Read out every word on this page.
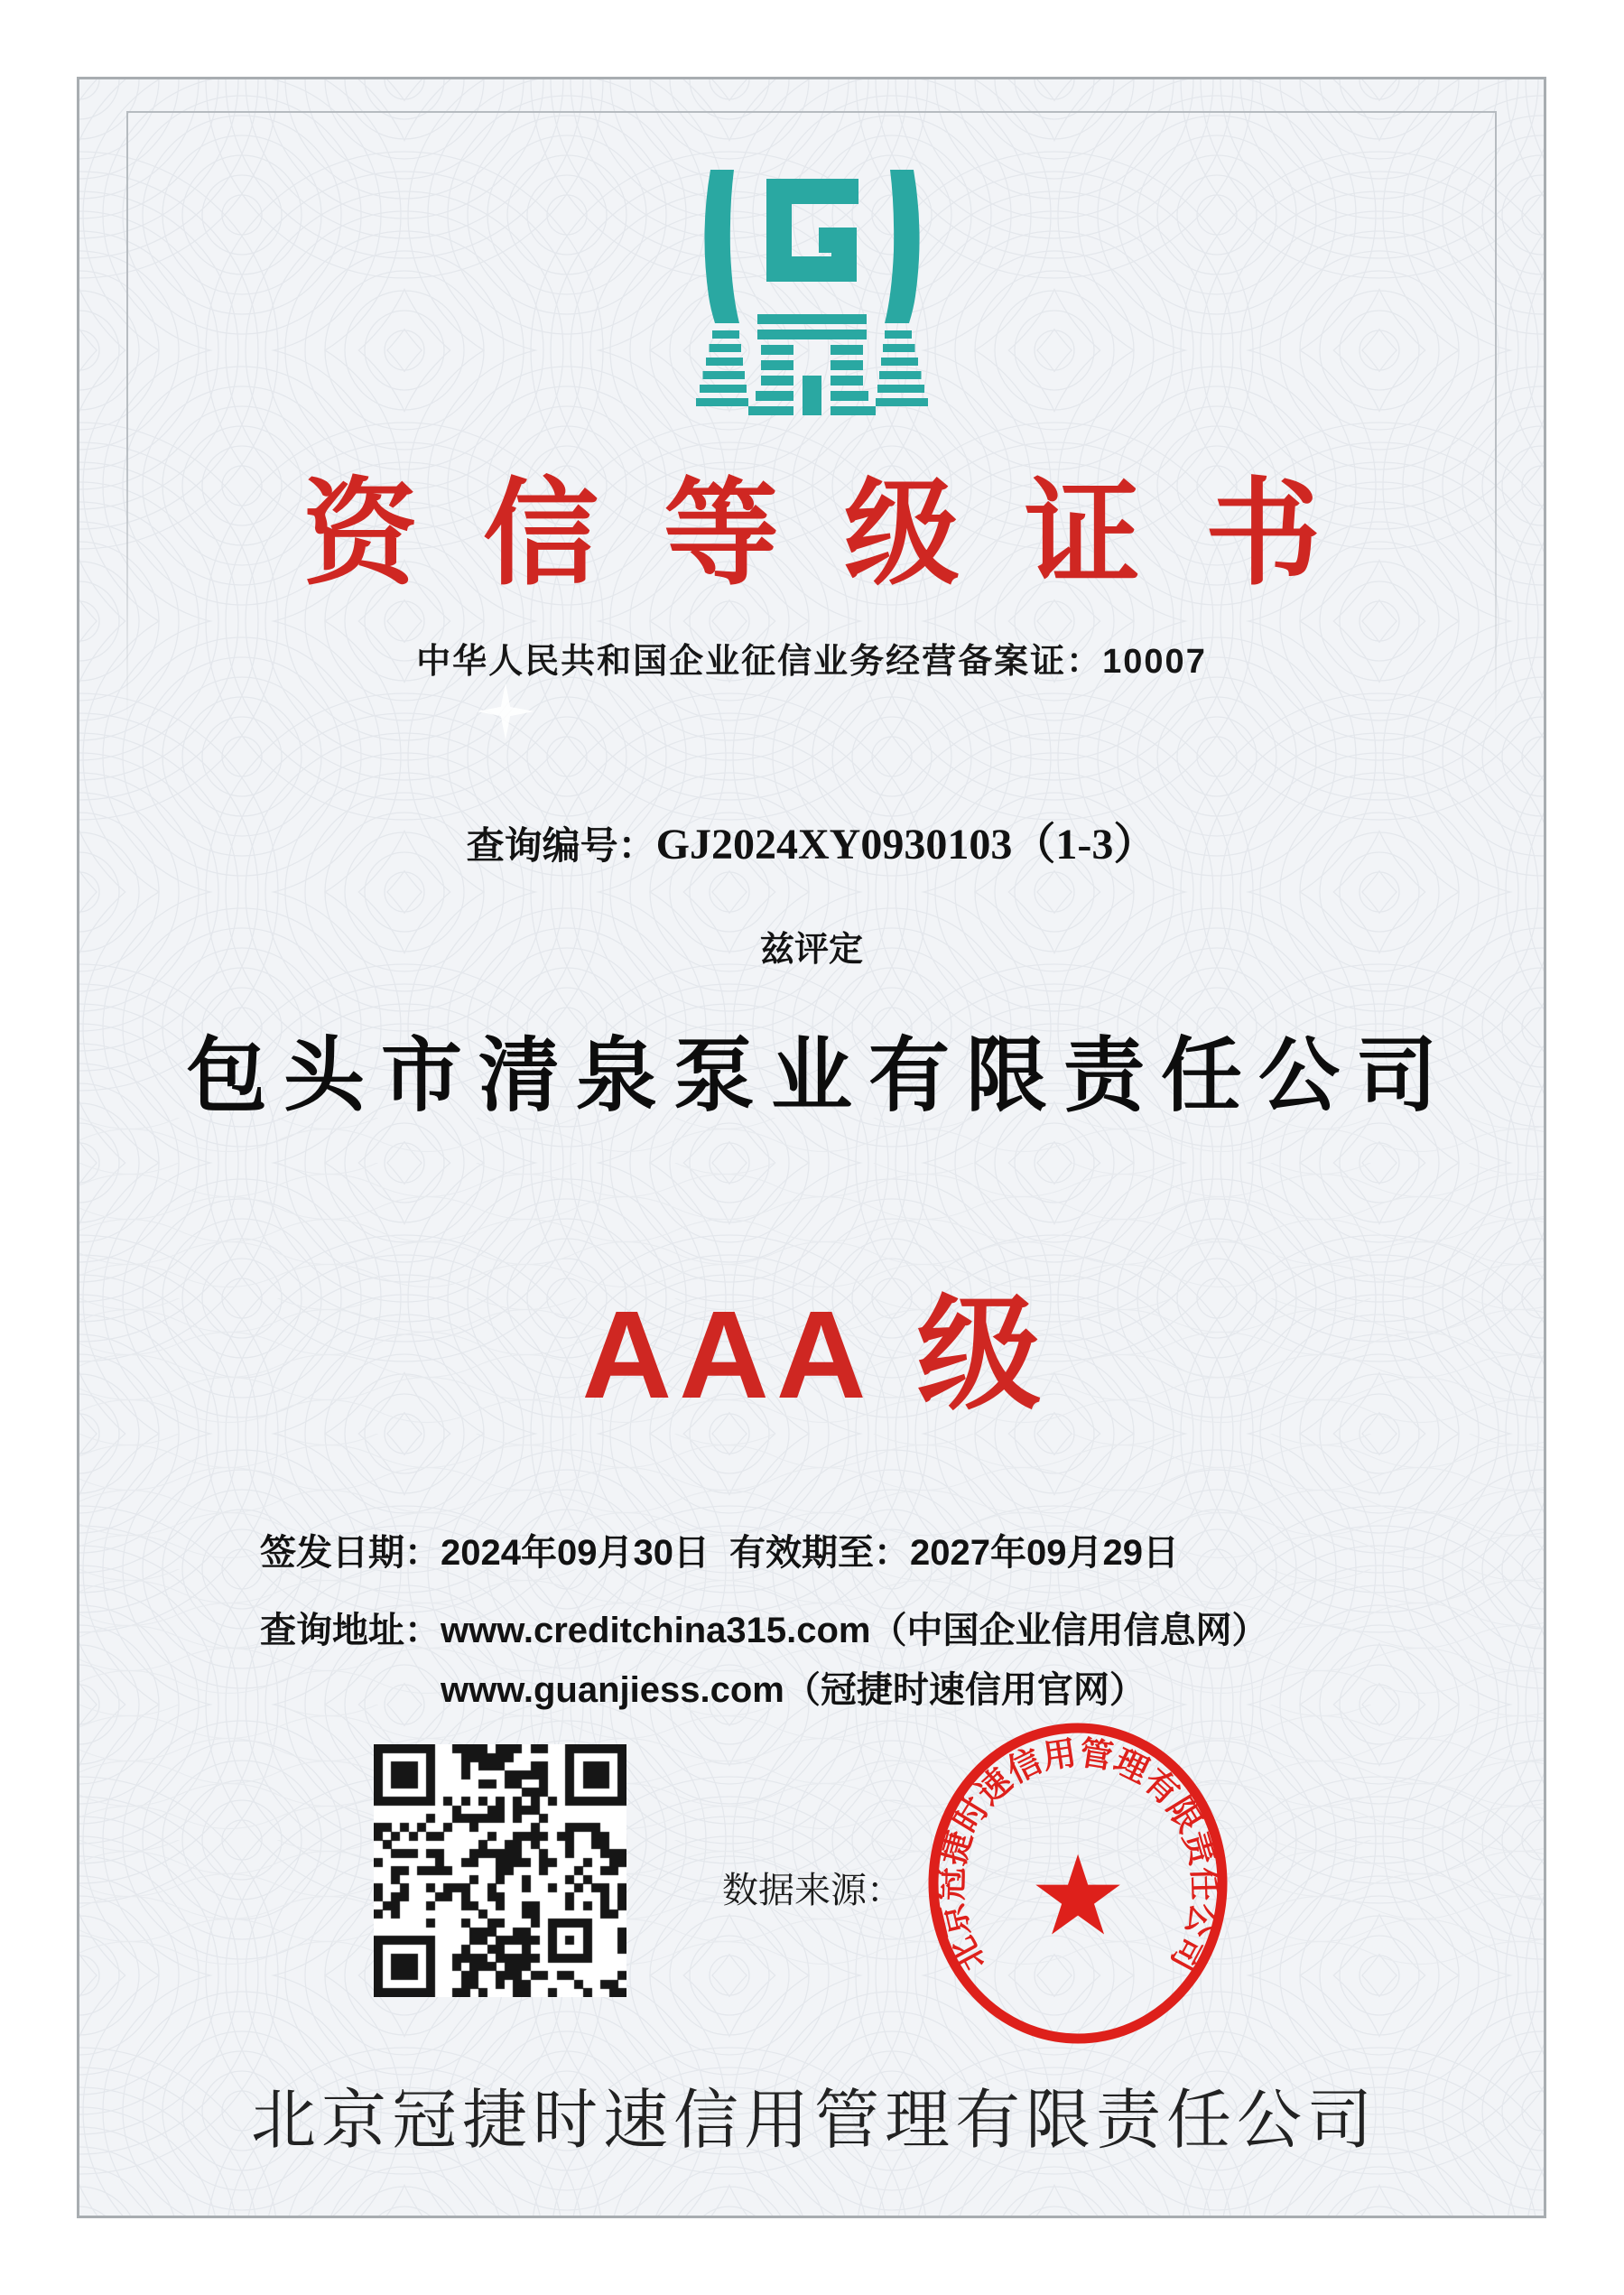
资信等级证书
中华人民共和国企业征信业务经营备案证：10007
查询编号：GJ2024XY0930103（1-3）
兹评定
包头市清泉泵业有限责任公司
AAA 级
签发日期：2024年09月30日 有效期至：2027年09月29日
查询地址：www.creditchina315.com（中国企业信用信息网）
www.guanjiess.com（冠捷时速信用官网）
数据来源：
北京冠捷时速信用管理有限责任公司
★
北京冠捷时速信用管理有限责任公司
